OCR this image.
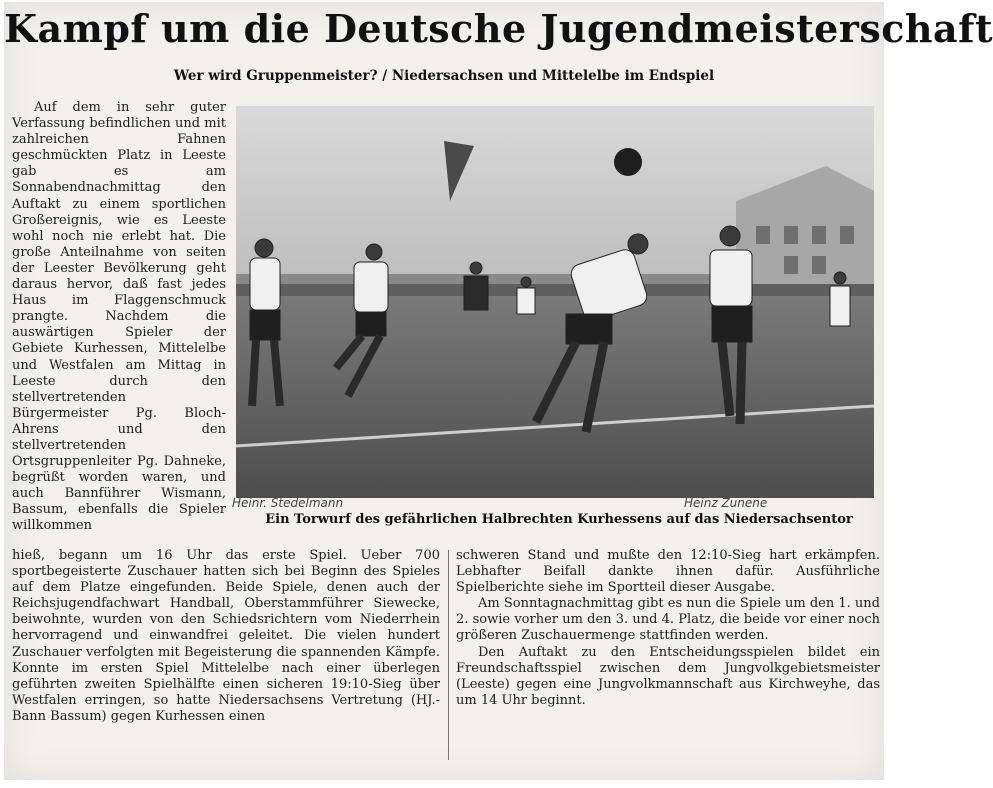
Kampf um die Deutsche Jugendmeisterschaft
Wer wird Gruppenmeister? / Niedersachsen und Mittelelbe im Endspiel
Auf dem in sehr guter Verfassung befindlichen und mit zahlreichen Fahnen geschmückten Platz in Leeste gab es am Sonnabendnachmittag den Auftakt zu einem sportlichen Großereignis, wie es Leeste wohl noch nie erlebt hat. Die große Anteilnahme von seiten der Leester Bevölkerung geht daraus hervor, daß fast jedes Haus im Flaggenschmuck prangte. Nachdem die auswärtigen Spieler der Gebiete Kurhessen, Mittelelbe und Westfalen am Mittag in Leeste durch den stellvertretenden Bürgermeister Pg. Bloch-Ahrens und den stellvertretenden Ortsgruppenleiter Pg. Dahneke, begrüßt worden waren, und auch Bannführer Wismann, Bassum, ebenfalls die Spieler willkommen
Heinr. Stedelmann	Heinz Zunene
Ein Torwurf des gefährlichen Halbrechten Kurhessens auf das Niedersachsentor
hieß, begann um 16 Uhr das erste Spiel. Ueber 700 sportbegeisterte Zuschauer hatten sich bei Beginn des Spieles auf dem Platze eingefunden. Beide Spiele, denen auch der Reichsjugendfachwart Handball, Oberstammführer Siewecke, beiwohnte, wurden von den Schiedsrichtern vom Niederrhein hervorragend und einwandfrei geleitet. Die vielen hundert Zuschauer verfolgten mit Begeisterung die spannenden Kämpfe. Konnte im ersten Spiel Mittelelbe nach einer überlegen geführten zweiten Spielhälfte einen sicheren 19:10-Sieg über Westfalen erringen, so hatte Niedersachsens Vertretung (HJ.-Bann Bassum) gegen Kurhessen einen

schweren Stand und mußte den 12:10-Sieg hart erkämpfen. Lebhafter Beifall dankte ihnen dafür. Ausführliche Spielberichte siehe im Sportteil dieser Ausgabe.

Am Sonntagnachmittag gibt es nun die Spiele um den 1. und 2. sowie vorher um den 3. und 4. Platz, die beide vor einer noch größeren Zuschauermenge stattfinden werden.

Den Auftakt zu den Entscheidungsspielen bildet ein Freundschaftsspiel zwischen dem Jungvolkgebietsmeister (Leeste) gegen eine Jungvolkmannschaft aus Kirchweyhe, das um 14 Uhr beginnt.
